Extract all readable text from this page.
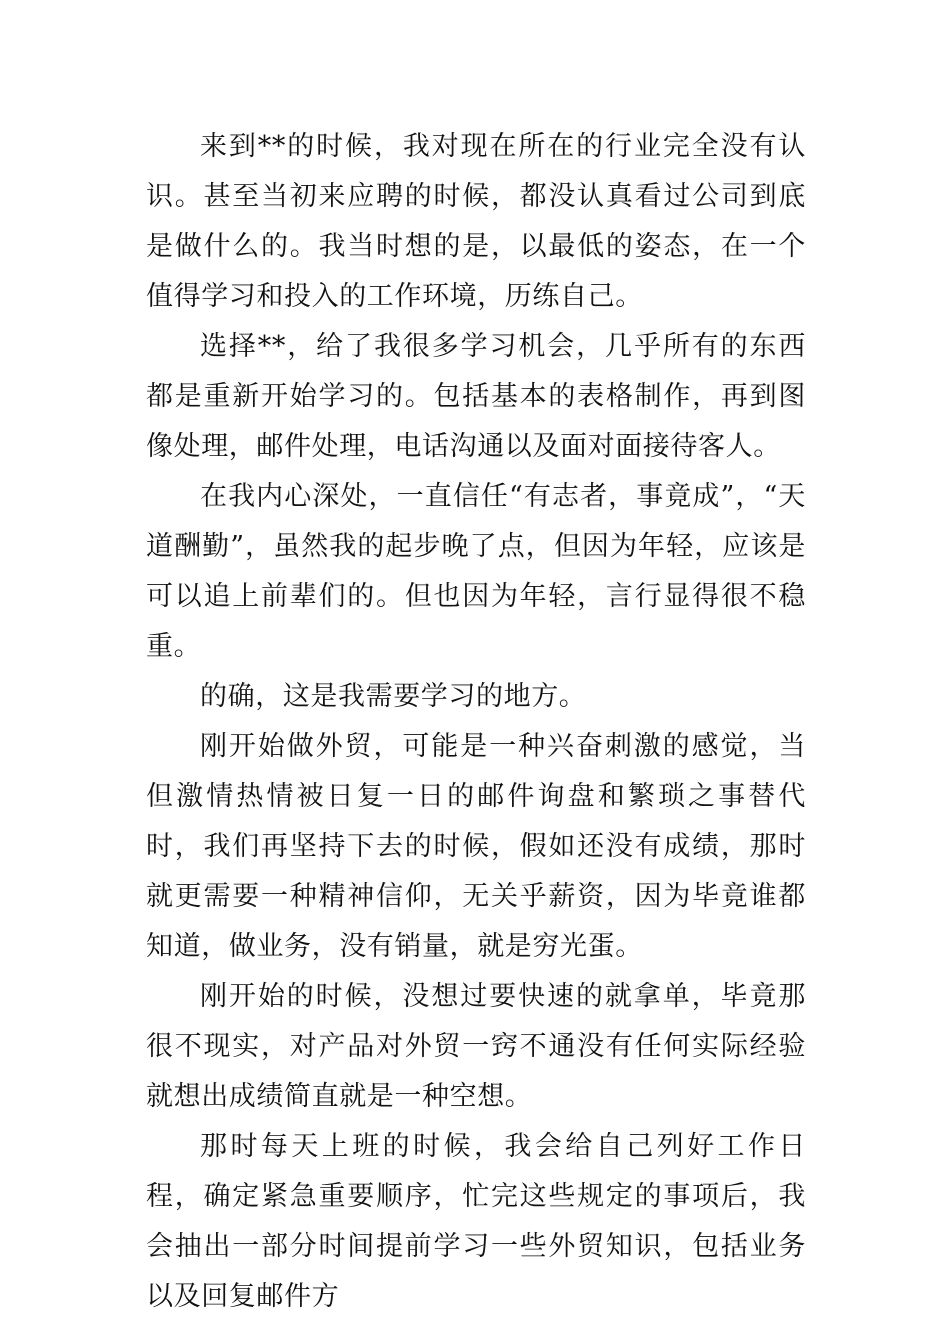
来到**的时候，我对现在所在的行业完全没有认识。甚至当初来应聘的时候，都没认真看过公司到底是做什么的。我当时想的是，以最低的姿态，在一个值得学习和投入的工作环境，历练自己。

选择**，给了我很多学习机会，几乎所有的东西都是重新开始学习的。包括基本的表格制作，再到图像处理，邮件处理，电话沟通以及面对面接待客人。

在我内心深处，一直信任“有志者，事竟成”，“天道酬勤”，虽然我的起步晚了点，但因为年轻，应该是可以追上前辈们的。但也因为年轻，言行显得很不稳重。

的确，这是我需要学习的地方。

刚开始做外贸，可能是一种兴奋刺激的感觉，当但激情热情被日复一日的邮件询盘和繁琐之事替代时，我们再坚持下去的时候，假如还没有成绩，那时就更需要一种精神信仰，无关乎薪资，因为毕竟谁都知道，做业务，没有销量，就是穷光蛋。

刚开始的时候，没想过要快速的就拿单，毕竟那很不现实，对产品对外贸一窍不通没有任何实际经验就想出成绩简直就是一种空想。

那时每天上班的时候，我会给自己列好工作日程，确定紧急重要顺序，忙完这些规定的事项后，我会抽出一部分时间提前学习一些外贸知识，包括业务以及回复邮件方
